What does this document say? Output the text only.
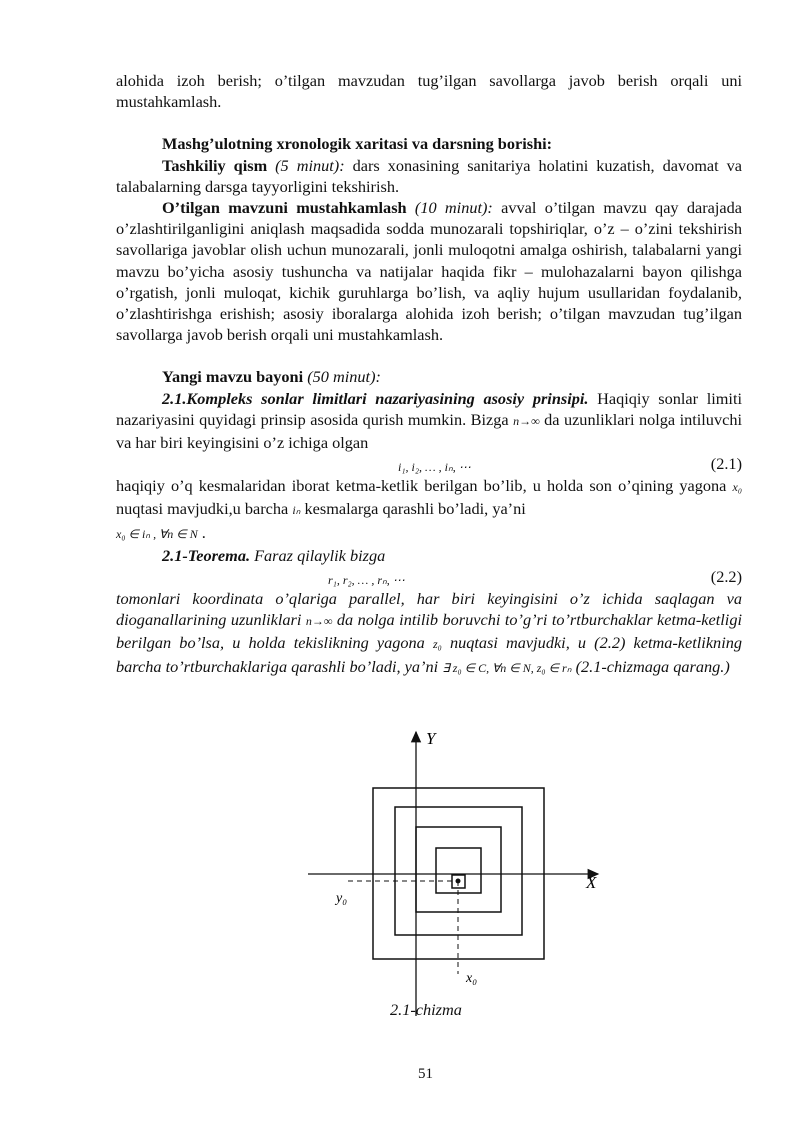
alohida izoh berish; o’tilgan mavzudan tug’ilgan savollarga javob berish orqali uni mustahkamlash.

Mashg’ulotning xronologik xaritasi va darsning borishi:

Tashkiliy qism (5 minut): dars xonasining sanitariya holatini kuzatish, davomat va talabalarning darsga tayyorligini tekshirish.

O’tilgan mavzuni mustahkamlash (10 minut): avval o’tilgan mavzu qay darajada o’zlashtirilganligini aniqlash maqsadida sodda munozarali topshiriqlar, o’z – o’zini tekshirish savollariga javoblar olish uchun munozarali, jonli muloqotni amalga oshirish, talabalarni yangi mavzu bo’yicha asosiy tushuncha va natijalar haqida fikr – mulohazalarni bayon qilishga o’rgatish, jonli muloqat, kichik guruhlarga bo’lish, va aqliy hujum usullaridan foydalanib, o’zlashtirishga erishish; asosiy iboralarga alohida izoh berish; o’tilgan mavzudan tug’ilgan savollarga javob berish orqali uni mustahkamlash.

Yangi mavzu bayoni (50 minut):

2.1.Kompleks sonlar limitlari nazariyasining asosiy prinsipi. Haqiqiy sonlar limiti nazariyasini quyidagi prinsip asosida qurish mumkin. Bizga n→∞ da uzunliklari nolga intiluvchi va har biri keyingisini o’z ichiga olgan

i₁, i₂, … , iₙ, ⋯	(2.1)

haqiqiy o’q kesmalaridan iborat ketma-ketlik berilgan bo’lib, u holda son o’qining yagona x₀ nuqtasi mavjudki,u barcha iₙ kesmalarga qarashli bo’ladi, ya’ni
x₀ ∈ iₙ , ∀n ∈ N .

2.1-Teorema. Faraz qilaylik bizga

r₁, r₂, … , rₙ, ⋯	(2.2)

tomonlari koordinata o’qlariga parallel, har biri keyingisini o’z ichida saqlagan va dioganallarining uzunliklari n→∞ da nolga intilib boruvchi to’g’ri to’rtburchaklar ketma-ketligi berilgan bo’lsa, u holda tekislikning yagona z₀ nuqtasi mavjudki, u (2.2) ketma-ketlikning barcha to’rtburchaklariga qarashli bo’ladi, ya’ni ∃ z₀ ∈ C, ∀n ∈ N, z₀ ∈ rₙ (2.1-chizmaga qarang.)

Y
X
y₀
x₀
2.1-chizma
51
